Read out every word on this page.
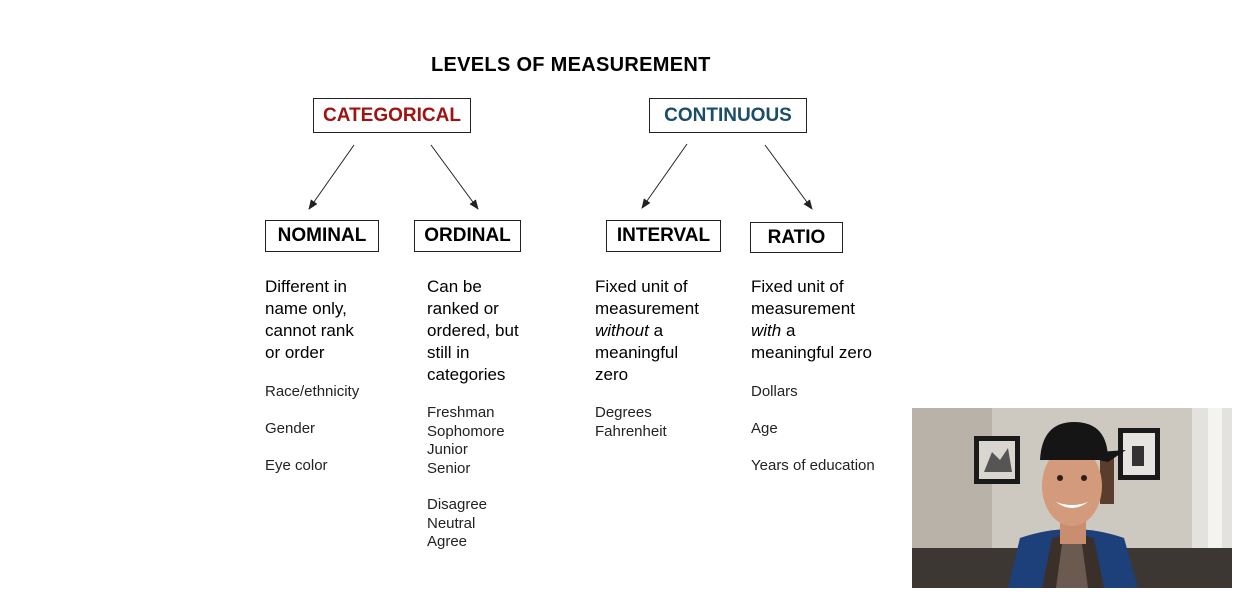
LEVELS OF MEASUREMENT
CATEGORICAL	CONTINUOUS
NOMINAL	ORDINAL	INTERVAL	RATIO
Different in
name only,
cannot rank
or order
Race/ethnicity
Gender
Eye color
Can be
ranked or
ordered, but
still in
categories
Freshman
Sophomore
Junior
Senior
Disagree
Neutral
Agree
Fixed unit of
measurement
without a
meaningful
zero
Degrees
Fahrenheit
Fixed unit of
measurement
with a
meaningful zero
Dollars
Age
Years of education
